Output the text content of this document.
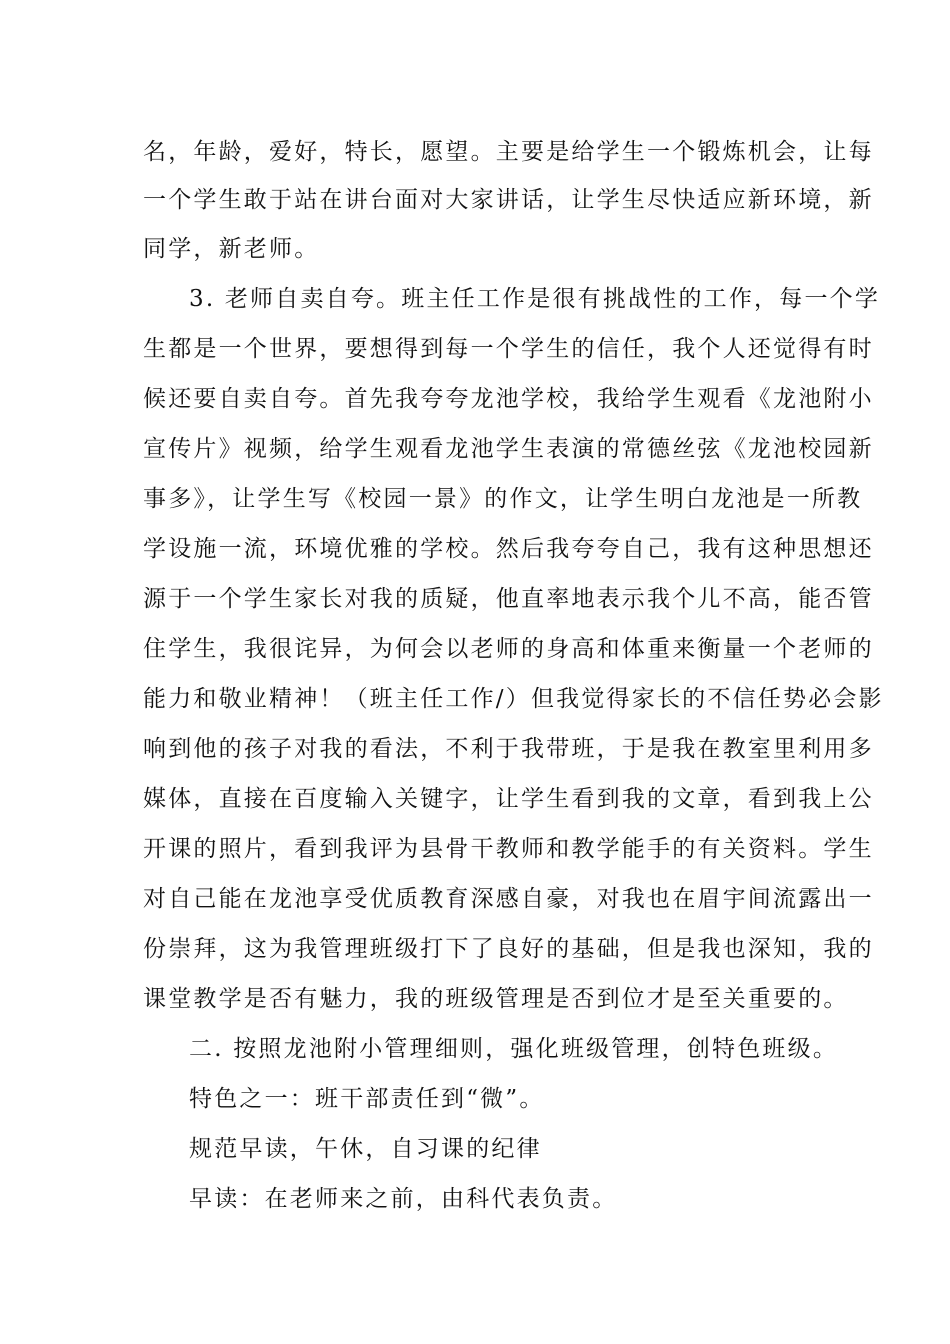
名，年龄，爱好，特长，愿望。主要是给学生一个锻炼机会，让每
一个学生敢于站在讲台面对大家讲话，让学生尽快适应新环境，新
同学，新老师。
3. 老师自卖自夸。班主任工作是很有挑战性的工作，每一个学
生都是一个世界，要想得到每一个学生的信任，我个人还觉得有时
候还要自卖自夸。首先我夸夸龙池学校，我给学生观看《龙池附小
宣传片》视频，给学生观看龙池学生表演的常德丝弦《龙池校园新
事多》，让学生写《校园一景》的作文，让学生明白龙池是一所教
学设施一流，环境优雅的学校。然后我夸夸自己，我有这种思想还
源于一个学生家长对我的质疑，他直率地表示我个儿不高，能否管
住学生，我很诧异，为何会以老师的身高和体重来衡量一个老师的
能力和敬业精神！（班主任工作/）但我觉得家长的不信任势必会影
响到他的孩子对我的看法，不利于我带班，于是我在教室里利用多
媒体，直接在百度输入关键字，让学生看到我的文章，看到我上公
开课的照片，看到我评为县骨干教师和教学能手的有关资料。学生
对自己能在龙池享受优质教育深感自豪，对我也在眉宇间流露出一
份崇拜，这为我管理班级打下了良好的基础，但是我也深知，我的
课堂教学是否有魅力，我的班级管理是否到位才是至关重要的。
二. 按照龙池附小管理细则，强化班级管理，创特色班级。
特色之一：班干部责任到“微”。
规范早读，午休，自习课的纪律
早读：在老师来之前，由科代表负责。
